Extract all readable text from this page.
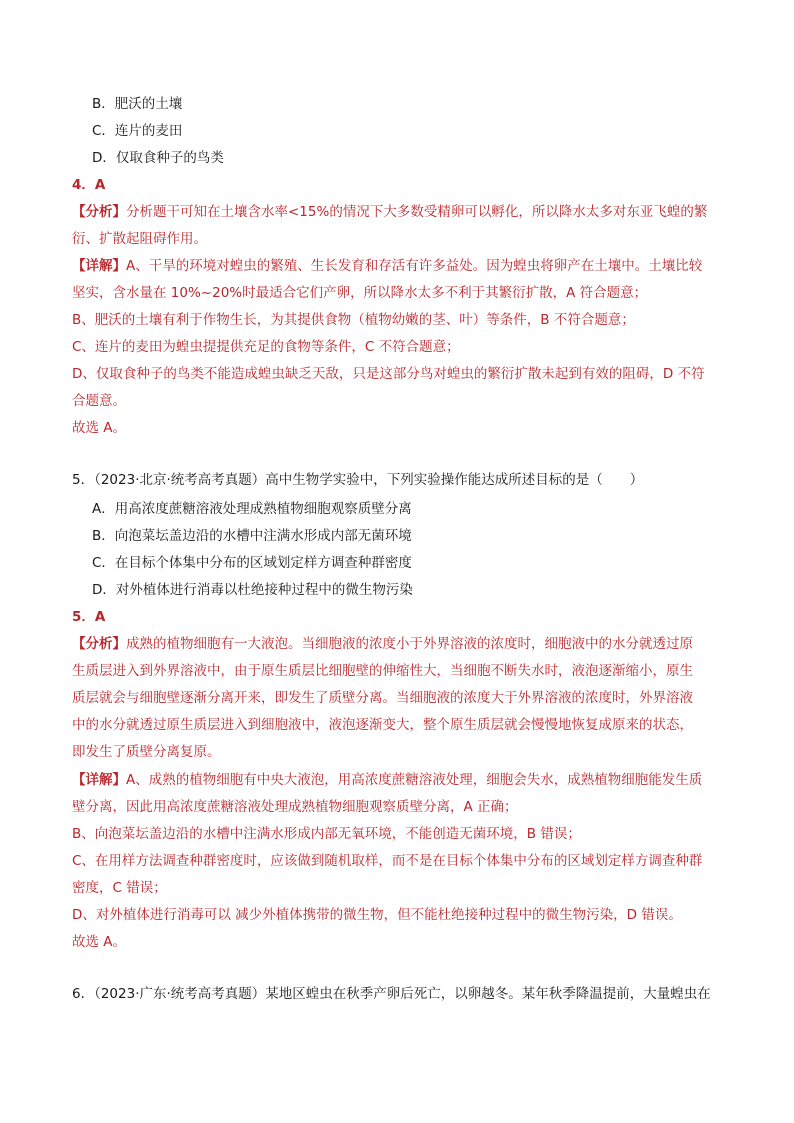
B．肥沃的土壤
C．连片的麦田
D．仅取食种子的鸟类
4．A
【分析】分析题干可知在土壤含水率<15%的情况下大多数受精卵可以孵化，所以降水太多对东亚飞蝗的繁
衍、扩散起阻碍作用。
【详解】A、干旱的环境对蝗虫的繁殖、生长发育和存活有许多益处。因为蝗虫将卵产在土壤中。土壤比较
坚实，含水量在 10%~20%时最适合它们产卵，所以降水太多不利于其繁衍扩散，A 符合题意；
B、肥沃的土壤有利于作物生长，为其提供食物（植物幼嫩的茎、叶）等条件，B 不符合题意；
C、连片的麦田为蝗虫提提供充足的食物等条件，C 不符合题意；
D、仅取食种子的鸟类不能造成蝗虫缺乏天敌，只是这部分鸟对蝗虫的繁衍扩散未起到有效的阻碍，D 不符
合题意。
故选 A。
5．（2023·北京·统考高考真题）高中生物学实验中，下列实验操作能达成所述目标的是（　　）
A．用高浓度蔗糖溶液处理成熟植物细胞观察质壁分离
B．向泡菜坛盖边沿的水槽中注满水形成内部无菌环境
C．在目标个体集中分布的区域划定样方调查种群密度
D．对外植体进行消毒以杜绝接种过程中的微生物污染
5．A
【分析】成熟的植物细胞有一大液泡。当细胞液的浓度小于外界溶液的浓度时，细胞液中的水分就透过原
生质层进入到外界溶液中，由于原生质层比细胞壁的伸缩性大，当细胞不断失水时，液泡逐渐缩小，原生
质层就会与细胞壁逐渐分离开来，即发生了质壁分离。当细胞液的浓度大于外界溶液的浓度时，外界溶液
中的水分就透过原生质层进入到细胞液中，液泡逐渐变大，整个原生质层就会慢慢地恢复成原来的状态，
即发生了质壁分离复原。
【详解】A、成熟的植物细胞有中央大液泡，用高浓度蔗糖溶液处理，细胞会失水，成熟植物细胞能发生质
壁分离，因此用高浓度蔗糖溶液处理成熟植物细胞观察质壁分离，A 正确；
B、向泡菜坛盖边沿的水槽中注满水形成内部无氧环境，不能创造无菌环境，B 错误；
C、在用样方法调查种群密度时，应该做到随机取样，而不是在目标个体集中分布的区域划定样方调查种群
密度，C 错误；
D、对外植体进行消毒可以 减少外植体携带的微生物，但不能杜绝接种过程中的微生物污染，D 错误。
故选 A。
6．（2023·广东·统考高考真题）某地区蝗虫在秋季产卵后死亡，以卵越冬。某年秋季降温提前，大量蝗虫在
